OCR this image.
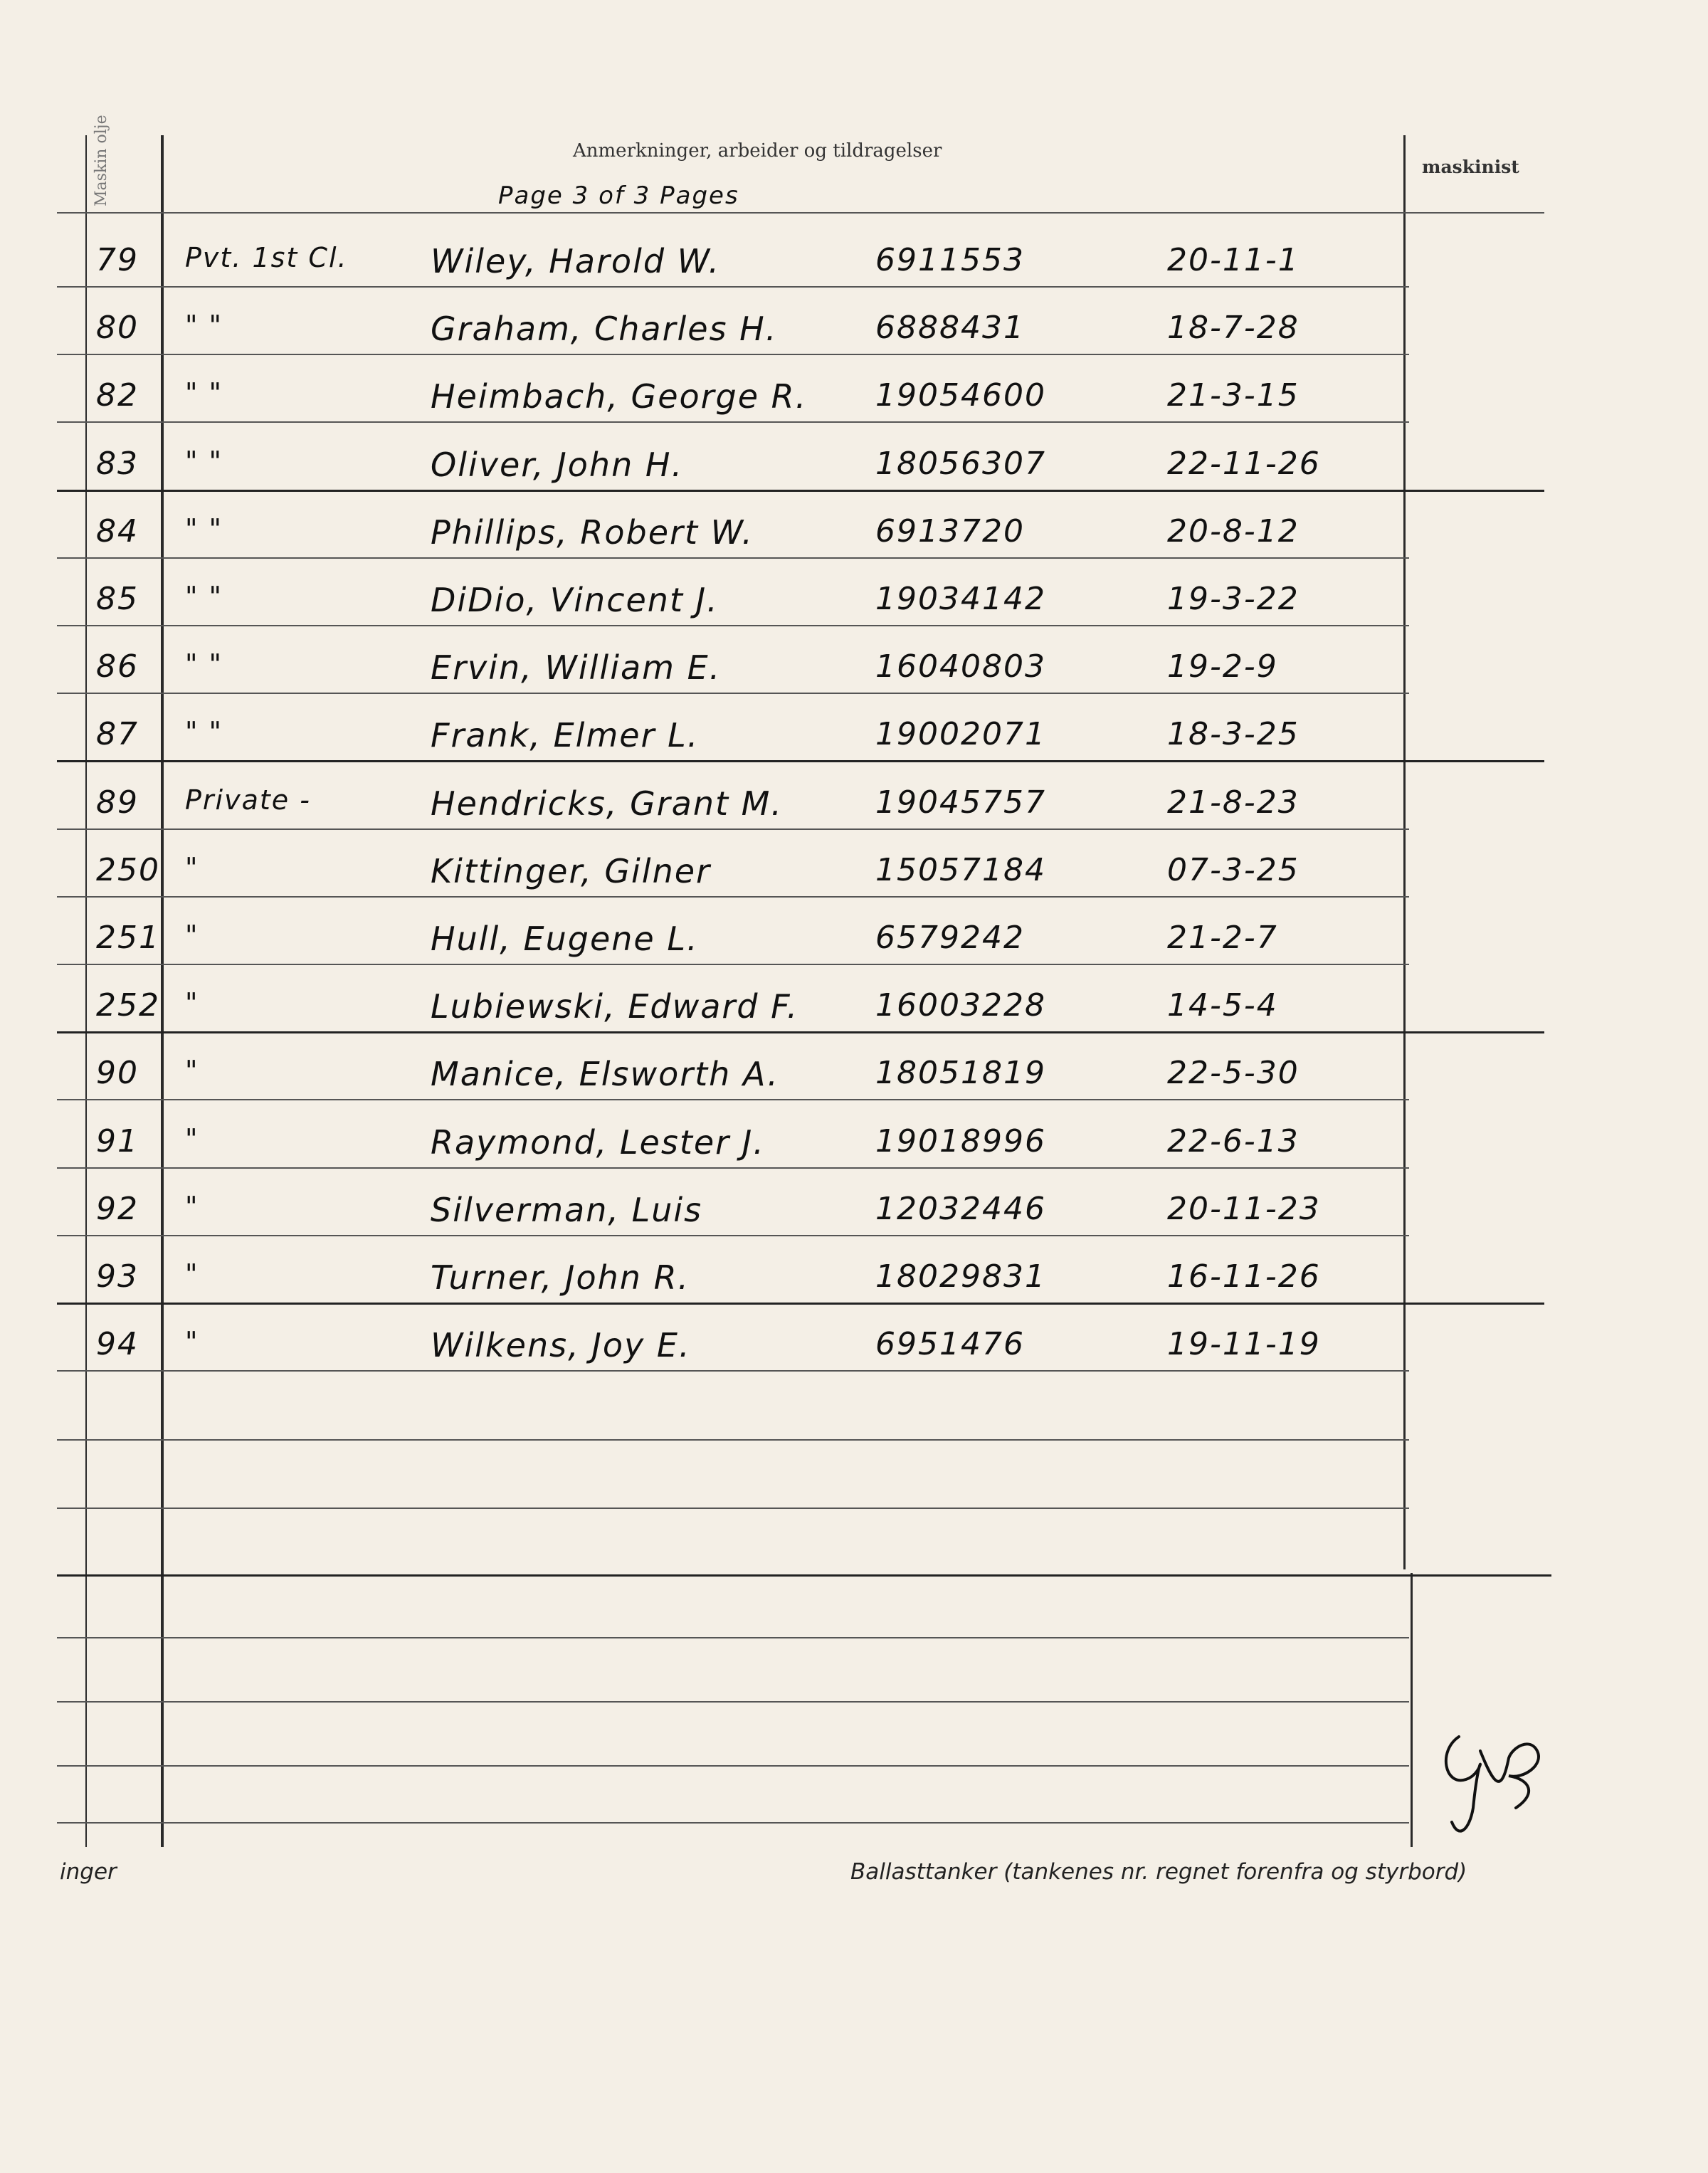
Maskin olje	Anmerkninger, arbeider og tildragelser
maskinist
Page 3 of 3 Pages
79 Pvt. 1st Cl.	Wiley, Harold W.	6911553	20-11-1
80 " "	Graham, Charles H.	6888431	18-7-28
82 " "	Heimbach, George R. 19054600	21-3-15
83 " "	Oliver, John H.	18056307	22-11-26
84 " "	Phillips, Robert W.	6913720	20-8-12
85 " "	DiDio, Vincent J.	19034142	19-3-22
86 " "	Ervin, William E.	16040803	19-2-9
87 " "	Frank, Elmer L.	19002071	18-3-25
89 Private -	Hendricks, Grant M.	19045757	21-8-23
250 "	Kittinger, Gilner	15057184	07-3-25
251 "	Hull, Eugene L.	6579242	21-2-7
252 "	Lubiewski, Edward F. 16003228	14-5-4
90 "	Manice, Elsworth A.	18051819	22-5-30
91 "	Raymond, Lester J.	19018996	22-6-13
92 "	Silverman, Luis	12032446	20-11-23
93 "	Turner, John R.	18029831	16-11-26
94 "	Wilkens, Joy E.	6951476	19-11-19
inger	Ballasttanker (tankenes nr. regnet forenfra og styrbord)
